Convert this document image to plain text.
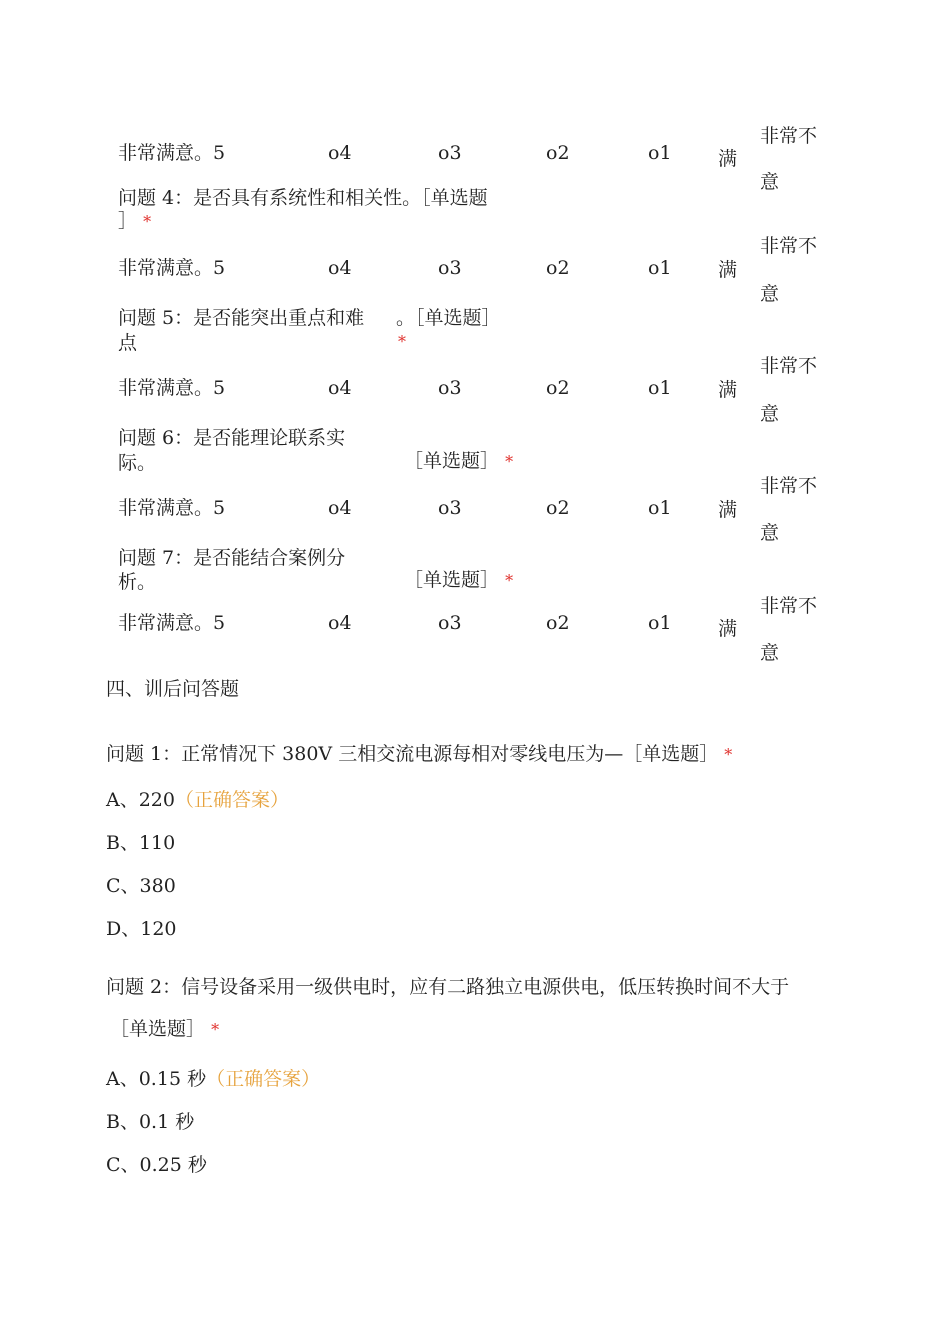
非常满意。5	o4	o3	o2	o1 满
非常不
意
问题 4：是否具有系统性和相关性。［单选题
］ *
非常满意。5	o4	o3	o2	o1 满
非常不
意
问题 5：是否能突出重点和难
点
。［单选题］
*
非常满意。5	o4	o3	o2	o1 满
非常不
意
问题 6：是否能理论联系实
际。	［单选题］ *
非常满意。5	o4	o3	o2	o1 满
非常不
意
问题 7：是否能结合案例分
析。	［单选题］ *
非常满意。5	o4	o3	o2	o1 满
非常不
意
四、训后问答题
问题 1：正常情况下 380V 三相交流电源每相对零线电压为—［单选题］ *
A、220（正确答案）
B、110
C、380
D、120
问题 2：信号设备采用一级供电时，应有二路独立电源供电，低压转换时间不大于
［单选题］ *
A、0.15 秒（正确答案）
B、0.1 秒
C、0.25 秒
